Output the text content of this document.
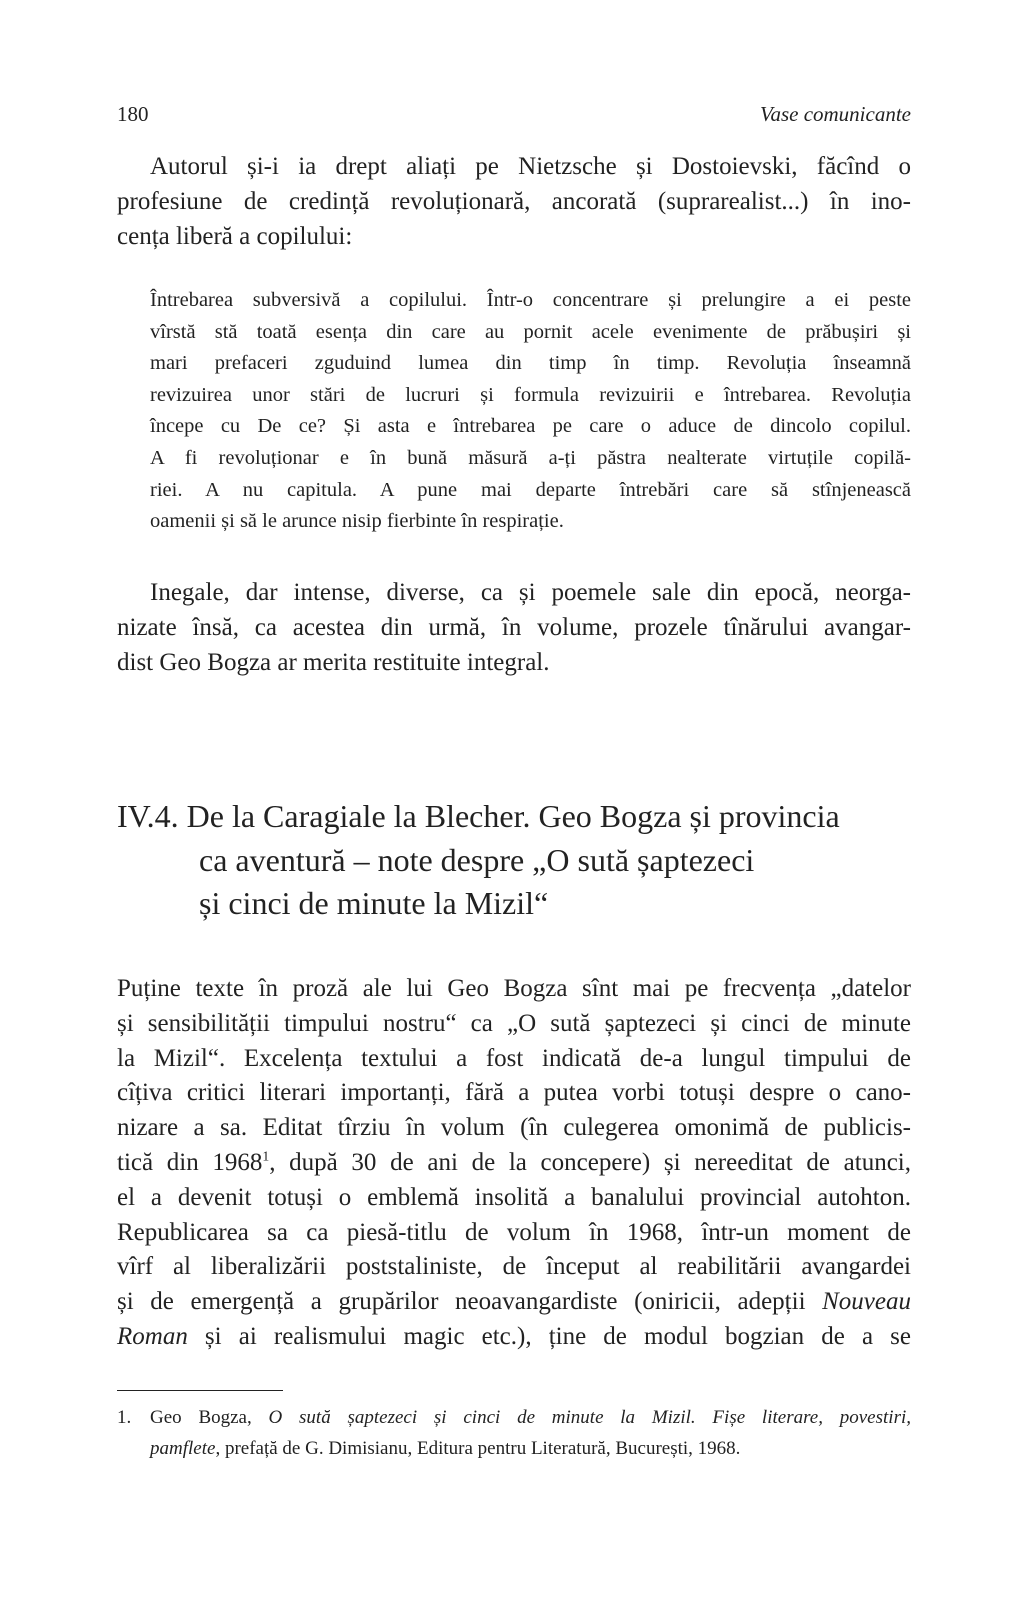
180	Vase comunicante

Autorul și-i ia drept aliați pe Nietzsche și Dostoievski, făcînd o
profesiune de credință revoluționară, ancorată (suprarealist...) în ino-
cența liberă a copilului:

Întrebarea subversivă a copilului. Într-o concentrare și prelungire a ei peste
vîrstă stă toată esența din care au pornit acele evenimente de prăbușiri și
mari prefaceri zguduind lumea din timp în timp. Revoluția înseamnă
revizuirea unor stări de lucruri și formula revizuirii e întrebarea. Revoluția
începe cu De ce? Și asta e întrebarea pe care o aduce de dincolo copilul.
A fi revoluționar e în bună măsură a-ți păstra nealterate virtuțile copilă-
riei. A nu capitula. A pune mai departe întrebări care să stînjenească
oamenii și să le arunce nisip fierbinte în respirație.

Inegale, dar intense, diverse, ca și poemele sale din epocă, neorga-
nizate însă, ca acestea din urmă, în volume, prozele tînărului avangar-
dist Geo Bogza ar merita restituite integral.

IV.4. De la Caragiale la Blecher. Geo Bogza și provincia
ca aventură – note despre „O sută șaptezeci
și cinci de minute la Mizil“

Puține texte în proză ale lui Geo Bogza sînt mai pe frecvența „datelor
și sensibilității timpului nostru“ ca „O sută șaptezeci și cinci de minute
la Mizil“. Excelența textului a fost indicată de-a lungul timpului de
cîțiva critici literari importanți, fără a putea vorbi totuși despre o cano-
nizare a sa. Editat tîrziu în volum (în culegerea omonimă de publicis-
tică din 1968$^1$, după 30 de ani de la concepere) și nereeditat de atunci,
el a devenit totuși o emblemă insolită a banalului provincial autohton.
Republicarea sa ca piesă-titlu de volum în 1968, într-un moment de
vîrf al liberalizării poststaliniste, de început al reabilitării avangardei
și de emergență a grupărilor neoavangardiste (oniricii, adepții Nouveau
Roman și ai realismului magic etc.), ține de modul bogzian de a se

1. Geo Bogza, O sută șaptezeci și cinci de minute la Mizil. Fișe literare, povestiri,
pamflete, prefață de G. Dimisianu, Editura pentru Literatură, București, 1968.
